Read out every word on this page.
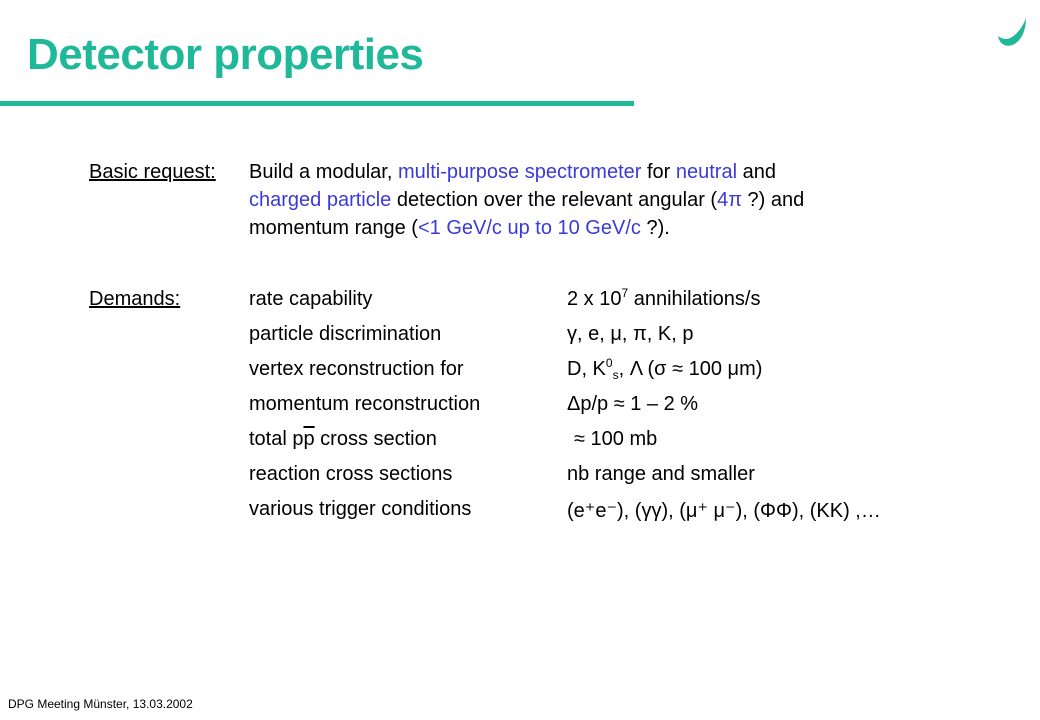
Detector properties
Basic request: Build a modular, multi-purpose spectrometer for neutral and
charged particle detection over the relevant angular (4π ?) and
momentum range (<1 GeV/c up to 10 GeV/c ?).
Demands:	rate capability	2 x $10^7$ annihilations/s
particle discrimination	γ, e, μ, π, K, p
vertex reconstruction for	D, $K^0_s$, Λ (σ ≈ 100 μm)
momentum reconstruction	Δp/p ≈ 1 – 2 %
total $p\overline{p}$ cross section	≈ 100 mb
reaction cross sections	nb range and smaller
various trigger conditions	(e⁺e⁻), (γγ), (μ⁺ μ⁻), (ΦΦ), (KK) ,…
DPG Meeting Münster, 13.03.2002
